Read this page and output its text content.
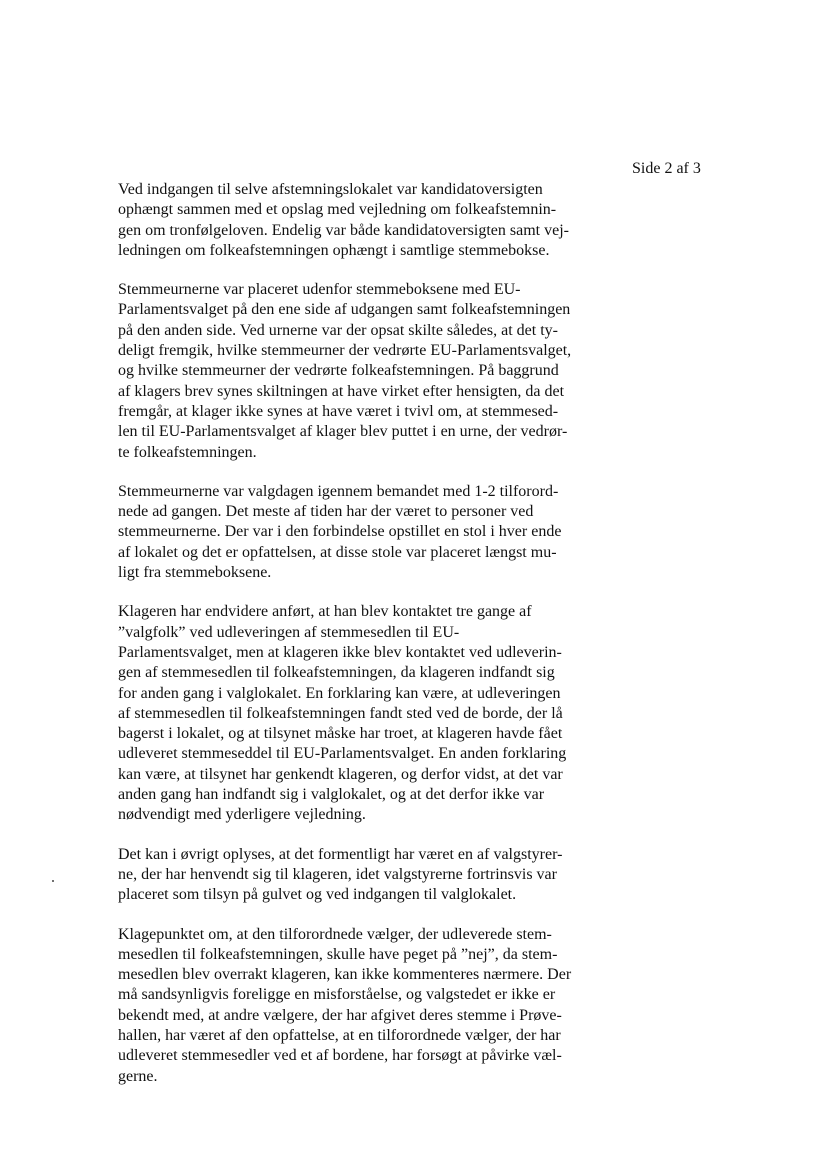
Side 2 af 3
Ved indgangen til selve afstemningslokalet var kandidatoversigten
ophængt sammen med et opslag med vejledning om folkeafstemnin-
gen om tronfølgeloven. Endelig var både kandidatoversigten samt vej-
ledningen om folkeafstemningen ophængt i samtlige stemmebokse.
Stemmeurnerne var placeret udenfor stemmeboksene med EU-
Parlamentsvalget på den ene side af udgangen samt folkeafstemningen
på den anden side. Ved urnerne var der opsat skilte således, at det ty-
deligt fremgik, hvilke stemmeurner der vedrørte EU-Parlamentsvalget,
og hvilke stemmeurner der vedrørte folkeafstemningen. På baggrund
af klagers brev synes skiltningen at have virket efter hensigten, da det
fremgår, at klager ikke synes at have været i tvivl om, at stemmesed-
len til EU-Parlamentsvalget af klager blev puttet i en urne, der vedrør-
te folkeafstemningen.
Stemmeurnerne var valgdagen igennem bemandet med 1-2 tilforord-
nede ad gangen. Det meste af tiden har der været to personer ved
stemmeurnerne. Der var i den forbindelse opstillet en stol i hver ende
af lokalet og det er opfattelsen, at disse stole var placeret længst mu-
ligt fra stemmeboksene.
Klageren har endvidere anført, at han blev kontaktet tre gange af
”valgfolk” ved udleveringen af stemmesedlen til EU-
Parlamentsvalget, men at klageren ikke blev kontaktet ved udleverin-
gen af stemmesedlen til folkeafstemningen, da klageren indfandt sig
for anden gang i valglokalet. En forklaring kan være, at udleveringen
af stemmesedlen til folkeafstemningen fandt sted ved de borde, der lå
bagerst i lokalet, og at tilsynet måske har troet, at klageren havde fået
udleveret stemmeseddel til EU-Parlamentsvalget. En anden forklaring
kan være, at tilsynet har genkendt klageren, og derfor vidst, at det var
anden gang han indfandt sig i valglokalet, og at det derfor ikke var
nødvendigt med yderligere vejledning.
Det kan i øvrigt oplyses, at det formentligt har været en af valgstyrer-
ne, der har henvendt sig til klageren, idet valgstyrerne fortrinsvis var
placeret som tilsyn på gulvet og ved indgangen til valglokalet.
Klagepunktet om, at den tilforordnede vælger, der udleverede stem-
mesedlen til folkeafstemningen, skulle have peget på ”nej”, da stem-
mesedlen blev overrakt klageren, kan ikke kommenteres nærmere. Der
må sandsynligvis foreligge en misforståelse, og valgstedet er ikke er
bekendt med, at andre vælgere, der har afgivet deres stemme i Prøve-
hallen, har været af den opfattelse, at en tilforordnede vælger, der har
udleveret stemmesedler ved et af bordene, har forsøgt at påvirke væl-
gerne.
